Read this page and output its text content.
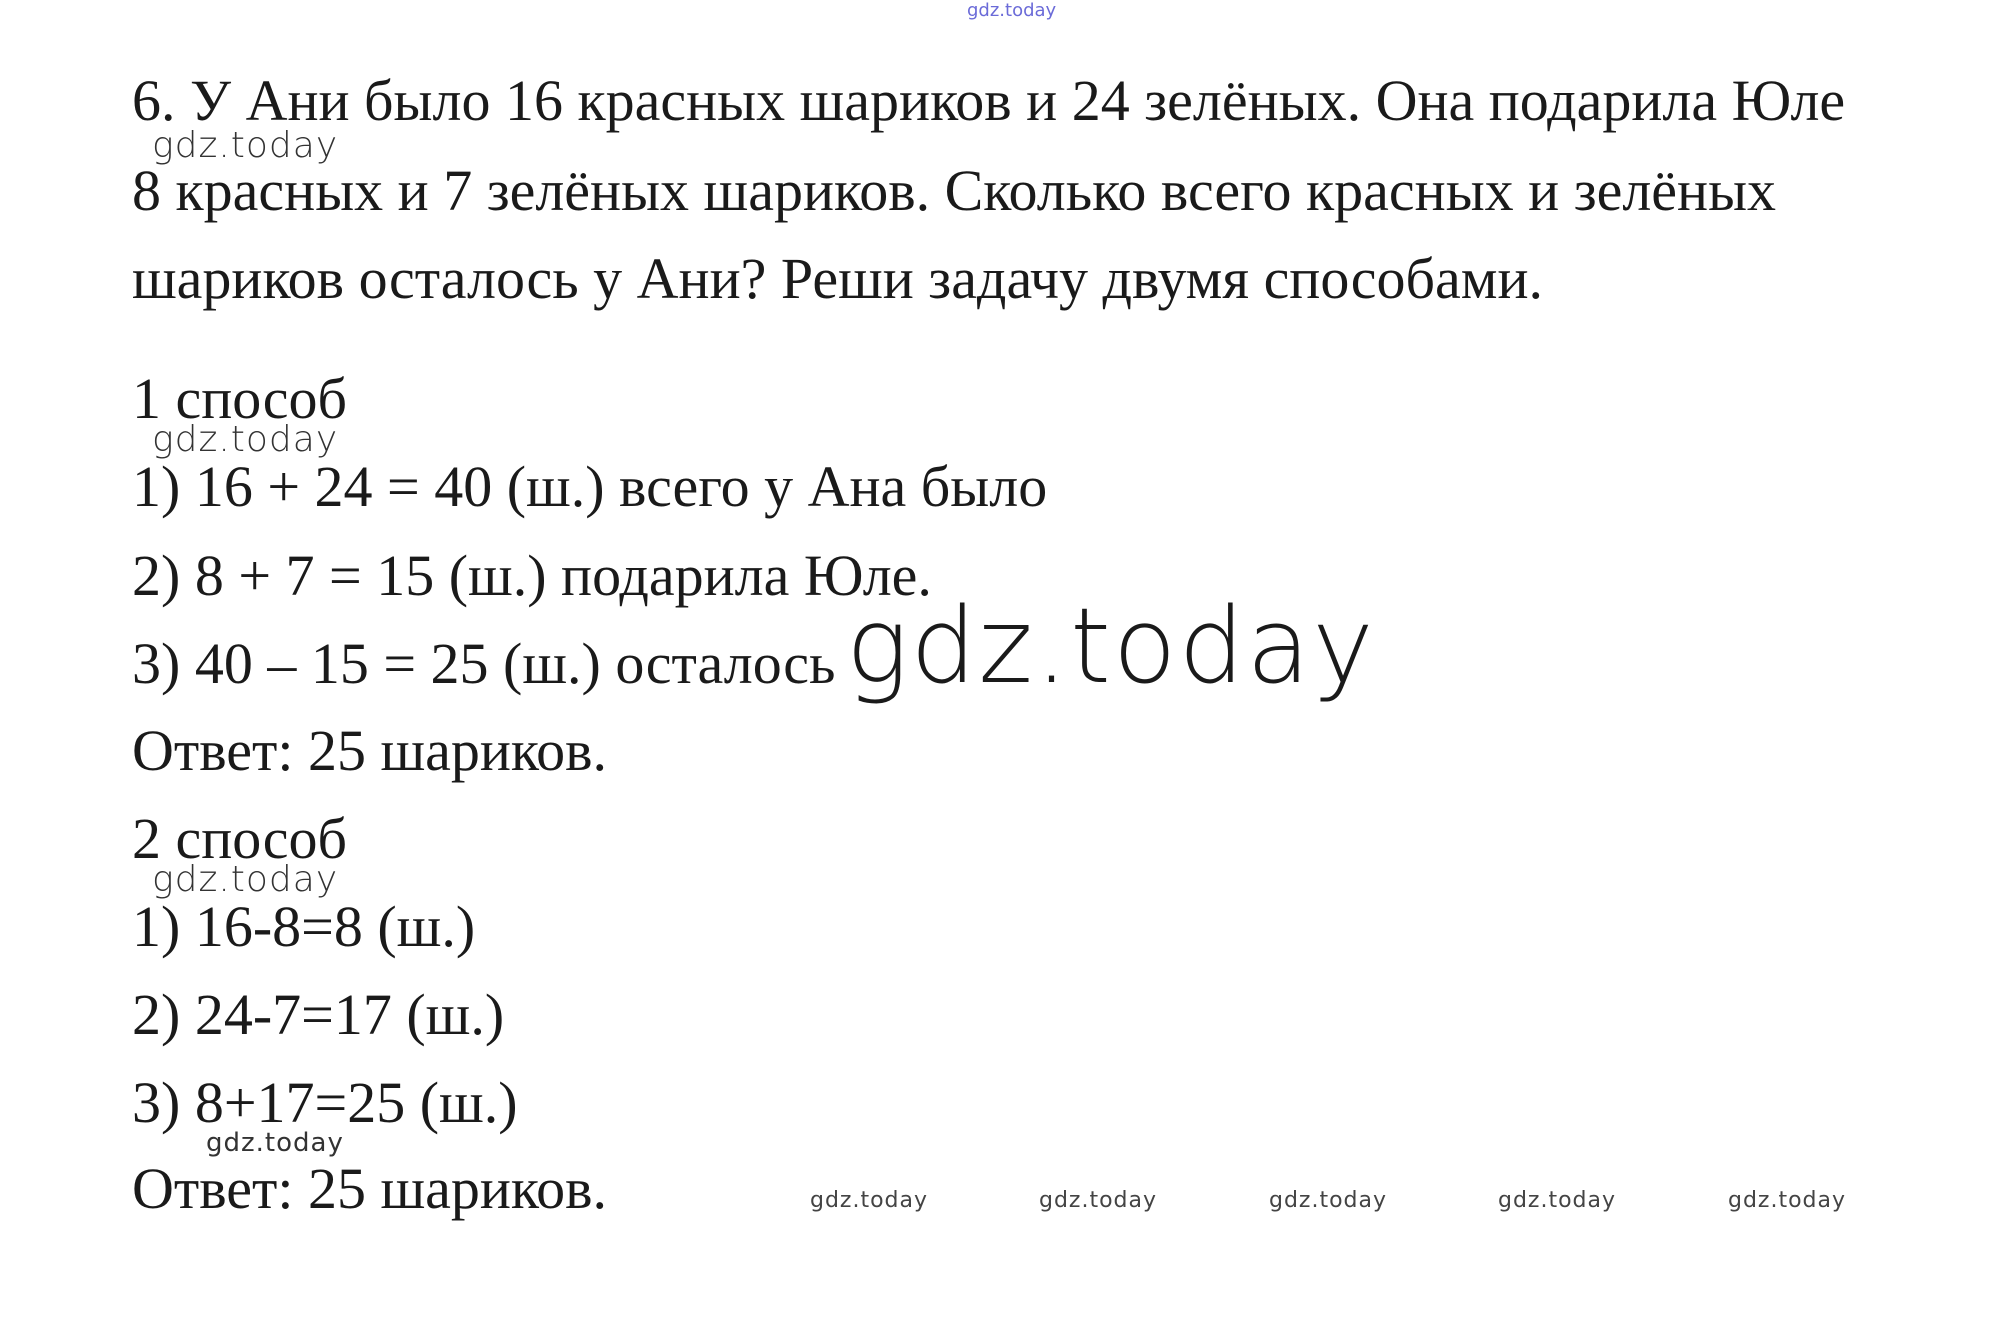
gdz.today
6. У Ани было 16 красных шариков и 24 зелёных. Она подарила Юле
gdz.today
8 красных и 7 зелёных шариков. Сколько всего красных и зелёных
шариков осталось у Ани? Реши задачу двумя способами.
1 способ
gdz.today
1) 16 + 24 = 40 (ш.) всего у Ана было
2) 8 + 7 = 15 (ш.) подарила Юле.
3) 40 – 15 = 25 (ш.) осталось gdz.today
Ответ: 25 шариков.
2 способ
gdz.today
1) 16-8=8 (ш.)
2) 24-7=17 (ш.)
3) 8+17=25 (ш.)
gdz.today
Ответ: 25 шариков.	gdz.today	gdz.today	gdz.today	gdz.today	gdz.today
